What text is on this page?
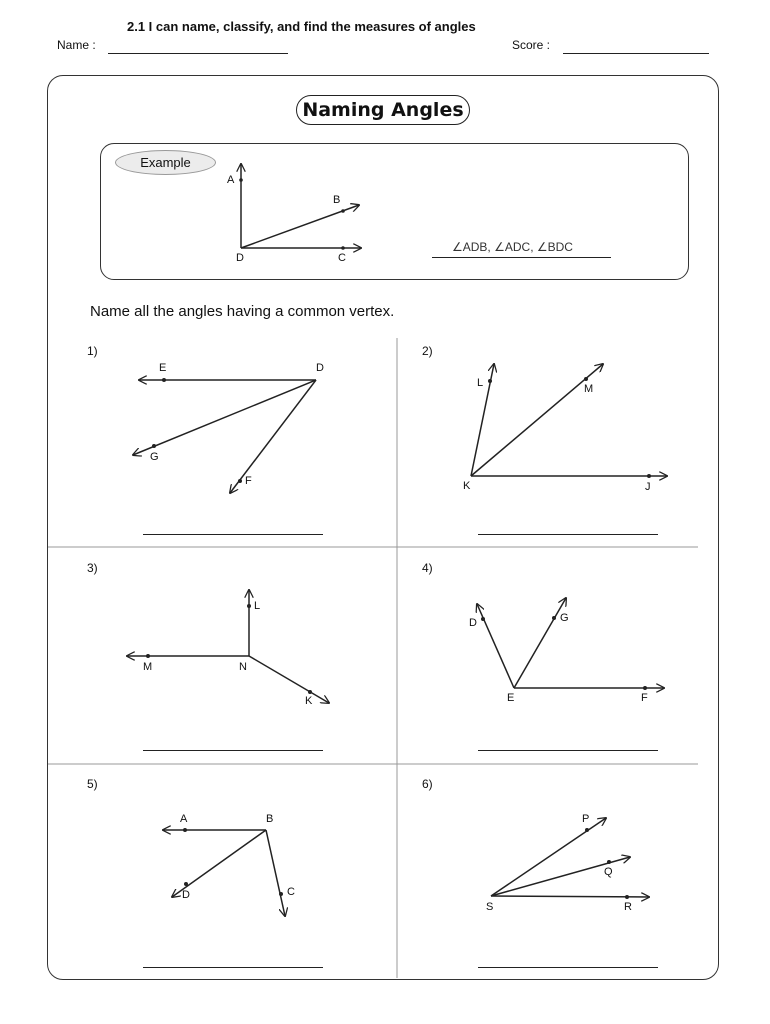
2.1 I can name, classify, and find the measures of angles
Name :	Score :
Naming Angles
Example
∠ADB, ∠ADC, ∠BDC
Name all the angles having a common vertex.
1)	2)
3)	4)
5)	6)
A
B
D	C
E	D
G
F
L	M
K	J
L
M	N
K
D	G
E	F
A	B
D	C
P
Q
S	R
